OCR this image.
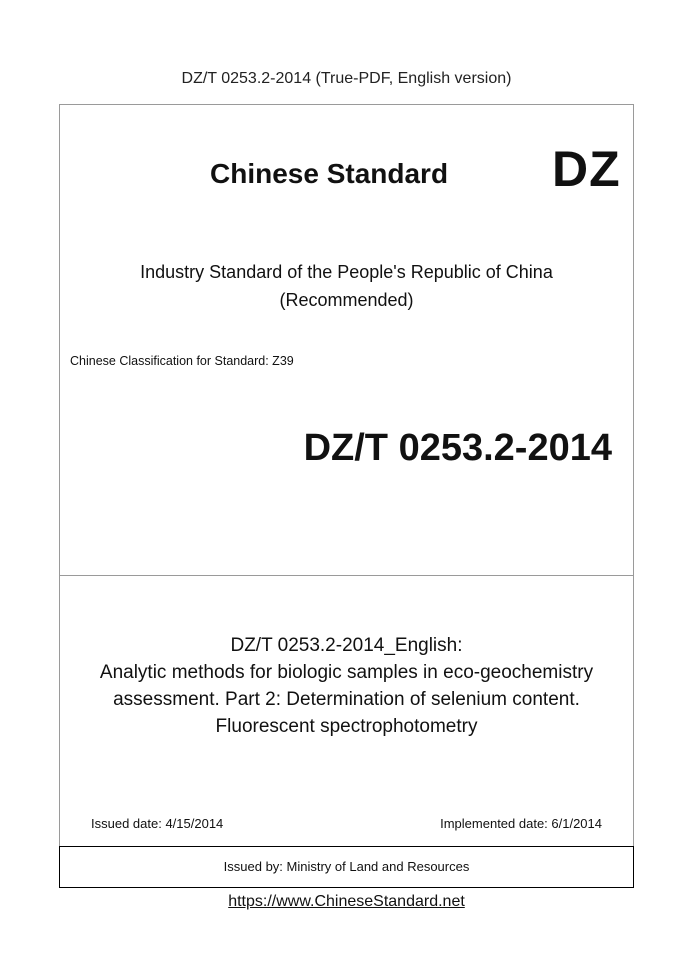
DZ/T 0253.2-2014 (True-PDF, English version)
Chinese Standard DZ
Industry Standard of the People's Republic of China
(Recommended)
Chinese Classification for Standard: Z39
DZ/T 0253.2-2014
DZ/T 0253.2-2014_English:
Analytic methods for biologic samples in eco-geochemistry
assessment. Part 2: Determination of selenium content.
Fluorescent spectrophotometry
Issued date: 4/15/2014	Implemented date: 6/1/2014
Issued by: Ministry of Land and Resources
https://www.ChineseStandard.net
